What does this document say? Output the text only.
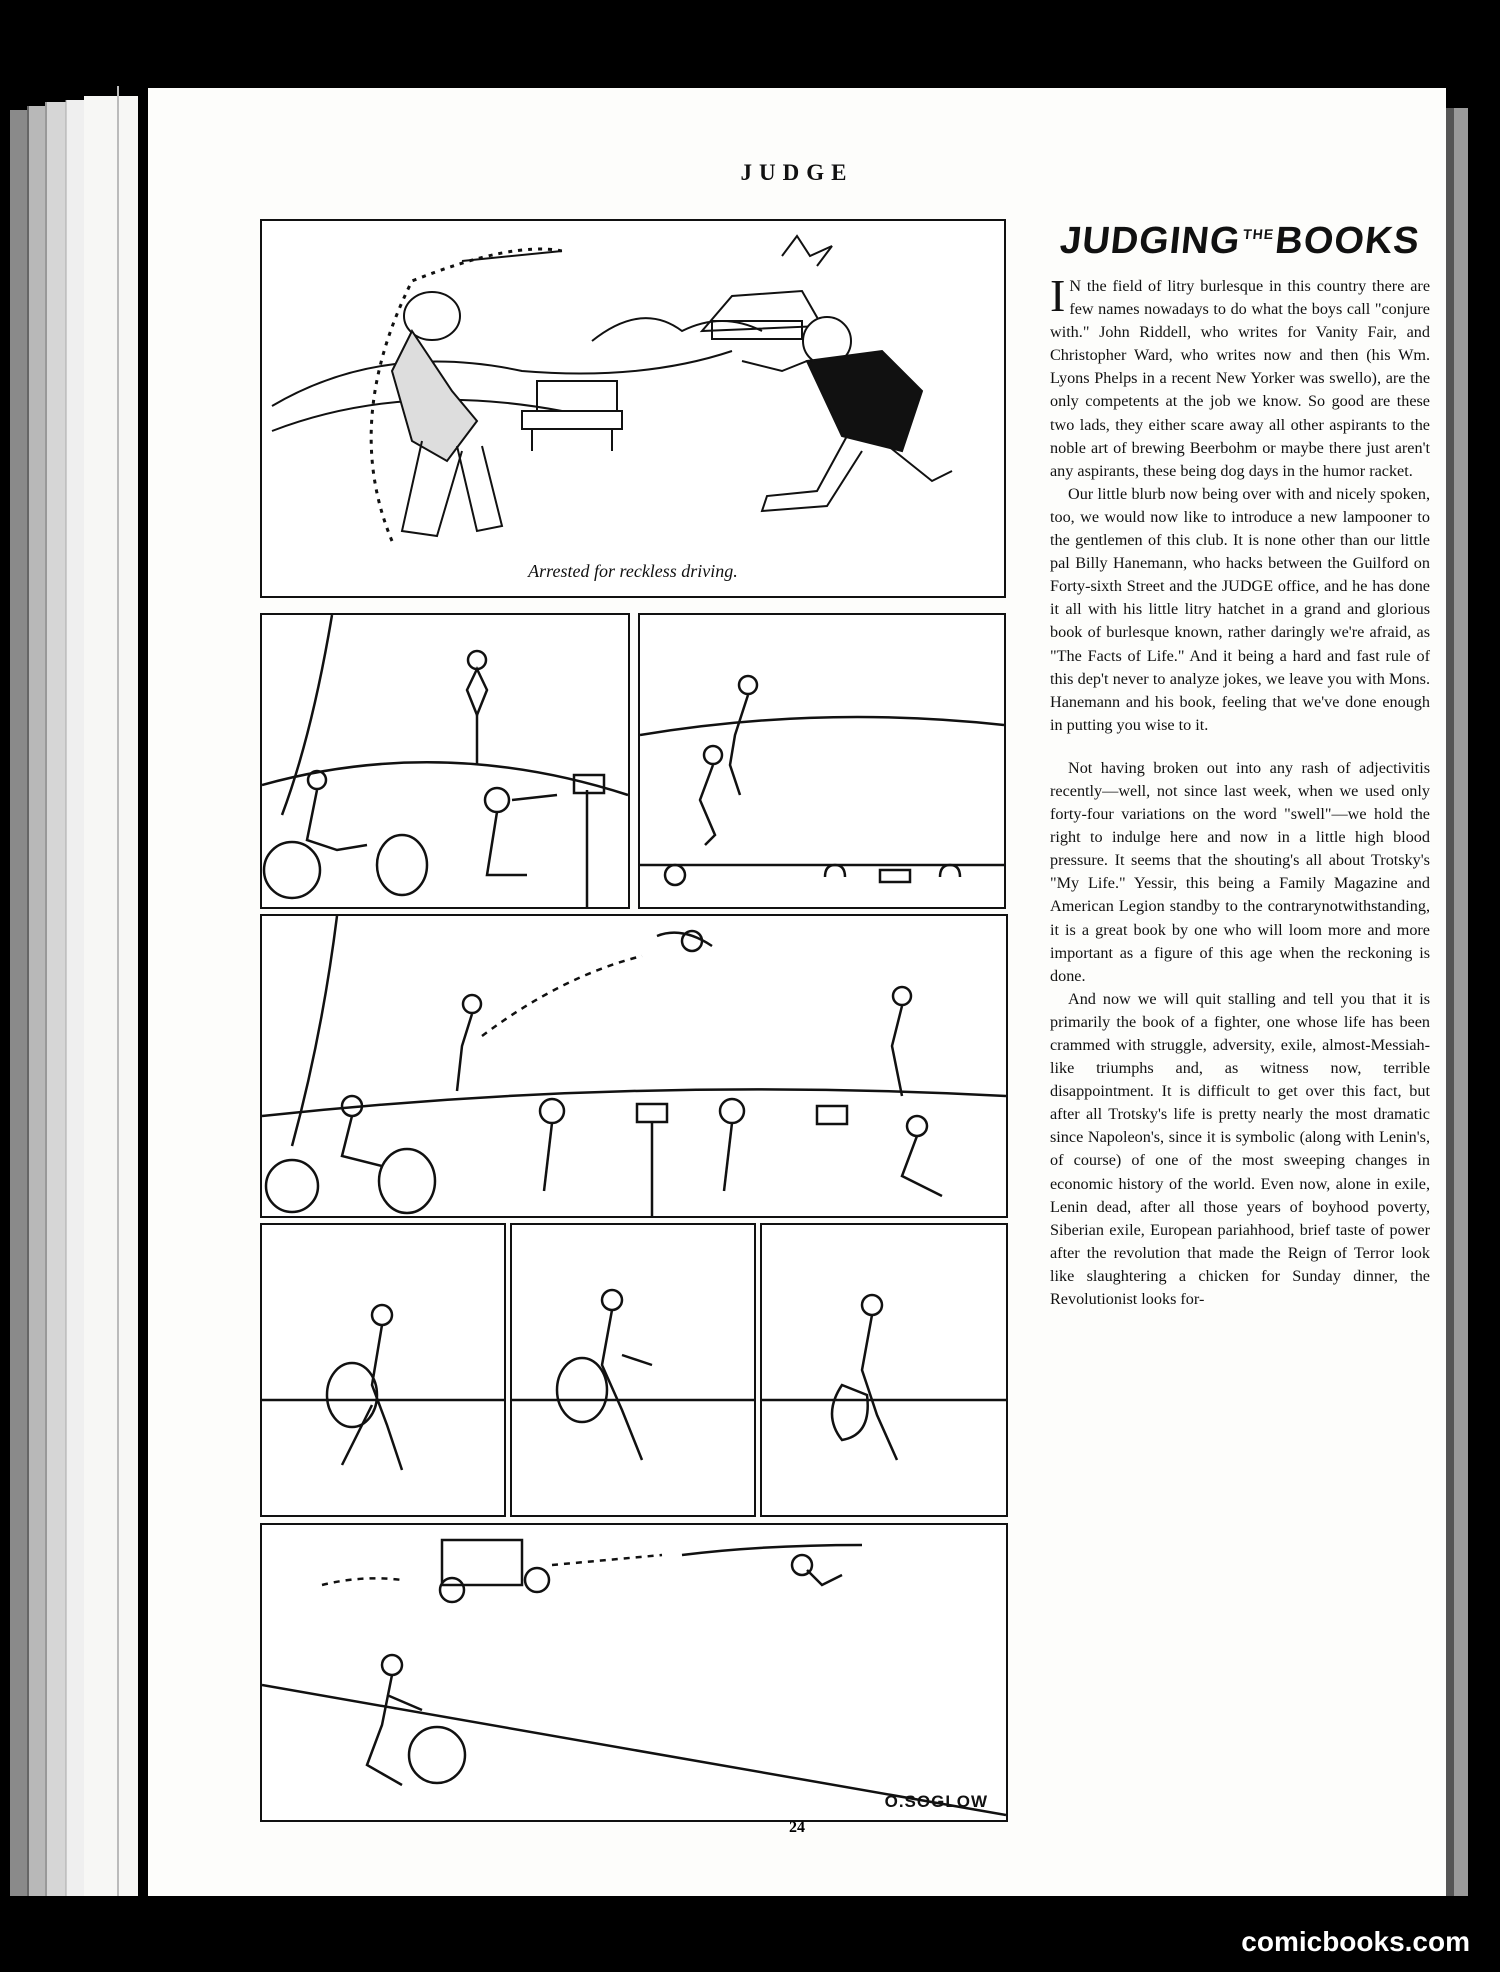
JUDGE
Arrested for reckless driving.
O.SOGLOW
$JUDGING^{THE}BOOKS$

I N the field of litry burlesque in this country there are few names nowadays to do what the boys call "conjure with." John Riddell, who writes for Vanity Fair, and Christopher Ward, who writes now and then (his Wm. Lyons Phelps in a recent New Yorker was swello), are the only competents at the job we know. So good are these two lads, they either scare away all other aspirants to the noble art of brewing Beerbohm or maybe there just aren't any aspirants, these being dog days in the humor racket.

Our little blurb now being over with and nicely spoken, too, we would now like to introduce a new lampooner to the gentlemen of this club. It is none other than our little pal Billy Hanemann, who hacks between the Guilford on Forty-sixth Street and the JUDGE office, and he has done it all with his little litry hatchet in a grand and glorious book of burlesque known, rather daringly we're afraid, as "The Facts of Life." And it being a hard and fast rule of this dep't never to analyze jokes, we leave you with Mons. Hanemann and his book, feeling that we've done enough in putting you wise to it.

Not having broken out into any rash of adjectivitis recently—well, not since last week, when we used only forty-four variations on the word "swell"—we hold the right to indulge here and now in a little high blood pressure. It seems that the shouting's all about Trotsky's "My Life." Yessir, this being a Family Magazine and American Legion standby to the contrarynotwithstanding, it is a great book by one who will loom more and more important as a figure of this age when the reckoning is done.

And now we will quit stalling and tell you that it is primarily the book of a fighter, one whose life has been crammed with struggle, adversity, exile, almost-Messiah-like triumphs and, as witness now, terrible disappointment. It is difficult to get over this fact, but after all Trotsky's life is pretty nearly the most dramatic since Napoleon's, since it is symbolic (along with Lenin's, of course) of one of the most sweeping changes in economic history of the world. Even now, alone in exile, Lenin dead, after all those years of boyhood poverty, Siberian exile, European pariahhood, brief taste of power after the revolution that made the Reign of Terror look like slaughtering a chicken for Sunday dinner, the Revolutionist looks for-

24
comicbooks.com
